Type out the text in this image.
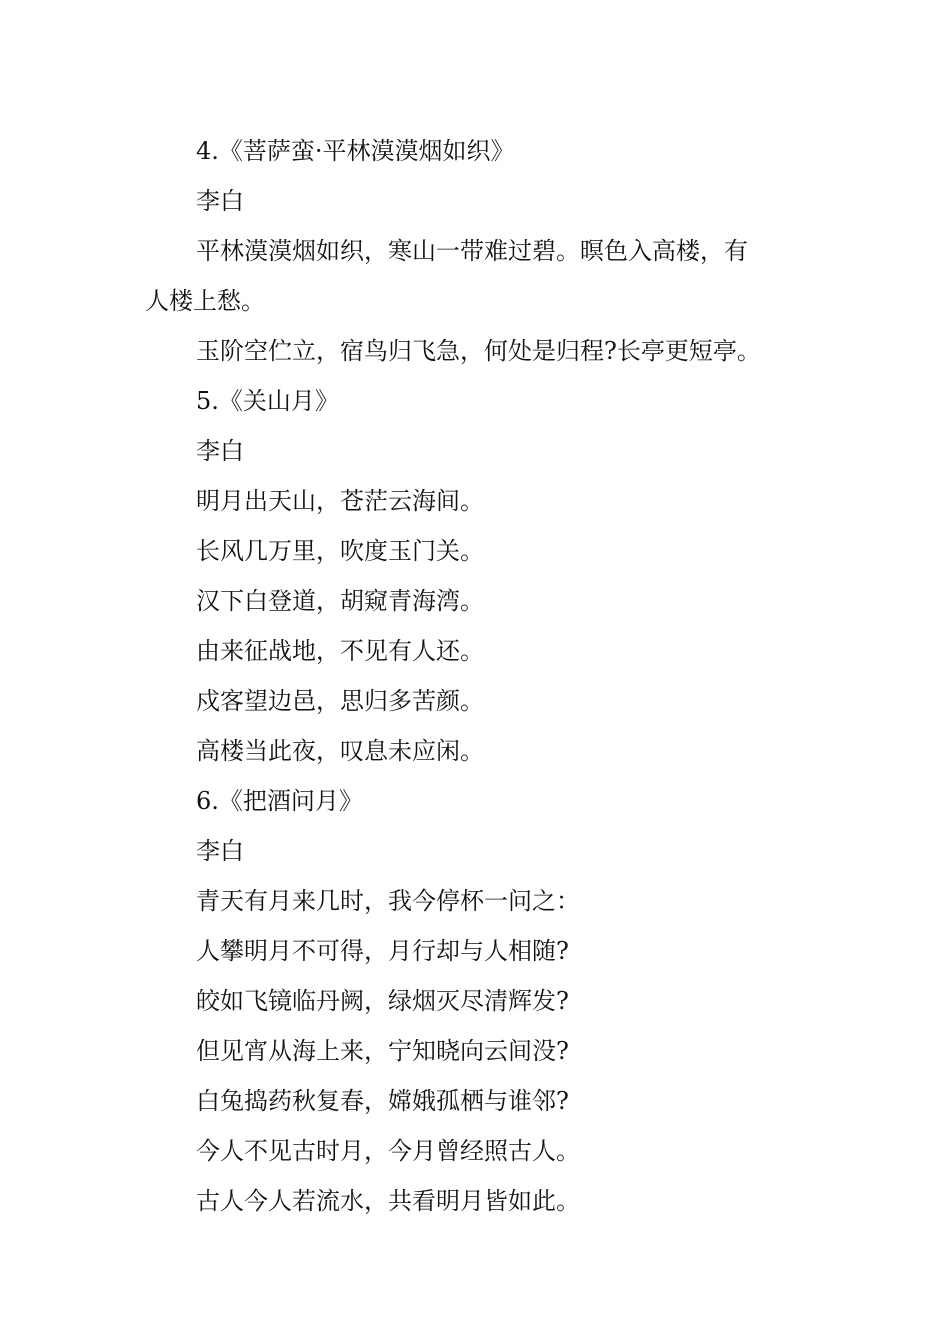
4.《菩萨蛮·平林漠漠烟如织》

李白

平林漠漠烟如织，寒山一带难过碧。暝色入高楼，有

人楼上愁。

玉阶空伫立，宿鸟归飞急，何处是归程?长亭更短亭。

5.《关山月》

李白

明月出天山，苍茫云海间。

长风几万里，吹度玉门关。

汉下白登道，胡窥青海湾。

由来征战地，不见有人还。

戍客望边邑，思归多苦颜。

高楼当此夜，叹息未应闲。

6.《把酒问月》

李白

青天有月来几时，我今停杯一问之：

人攀明月不可得，月行却与人相随?

皎如飞镜临丹阙，绿烟灭尽清辉发?

但见宵从海上来，宁知晓向云间没?

白兔捣药秋复春，嫦娥孤栖与谁邻?

今人不见古时月，今月曾经照古人。

古人今人若流水，共看明月皆如此。
